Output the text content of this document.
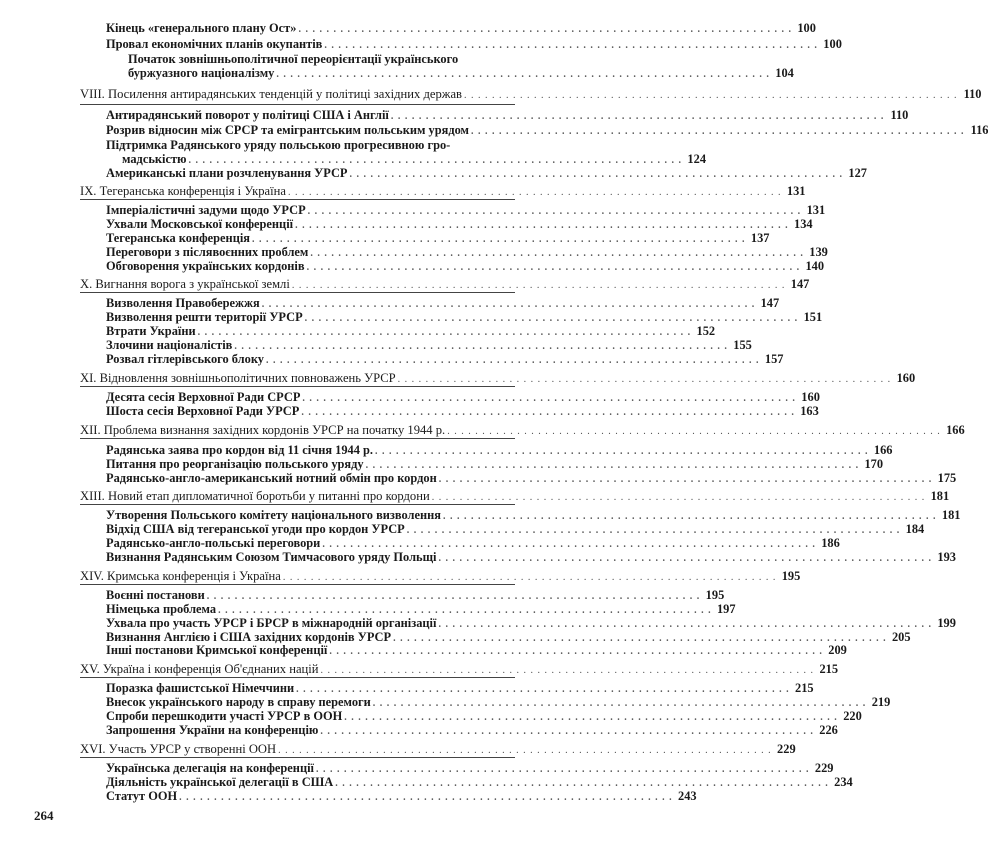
Кінець «генерального плану Ост» . . .	100
Провал економічних планів окупантів . . .	100
Початок зовнішньополітичної переорієнтації українського
буржуазного націоналізму . . .	104
VIII. Посилення антирадянських тенденцій у політиці західних держав . . .	110
Антирадянський поворот у політиці США і Англії . . .	110
Розрив відносин між СРСР та емігрантським польським урядом . . .	116
Підтримка Радянського уряду польською прогресивною гро-
мадськістю . . .	124
Американські плани розчленування УРСР . . .	127
IX. Тегеранська конференція і Україна . . .	131
Імперіалістичні задуми щодо УРСР . . .	131
Ухвали Московської конференції . . .	134
Тегеранська конференція . . .	137
Переговори з післявоєнних проблем . . .	139
Обговорення українських кордонів . . .	140
X. Вигнання ворога з української землі . . .	147
Визволення Правобережжя . . .	147
Визволення решти території УРСР . . .	151
Втрати України . . .	152
Злочини націоналістів . . .	155
Розвал гітлерівського блоку . . .	157
XI. Відновлення зовнішньополітичних повноважень УРСР . . .	160
Десята сесія Верховної Ради СРСР . . .	160
Шоста сесія Верховної Ради УРСР . . .	163
XII. Проблема визнання західних кордонів УРСР на початку 1944 р. . . .	166
Радянська заява про кордон від 11 січня 1944 р. . . .	166
Питання про реорганізацію польського уряду . . .	170
Радянсько-англо-американський нотний обмін про кордон . . .	175
XIII. Новий етап дипломатичної боротьби у питанні про кордони . . .	181
Утворення Польського комітету національного визволення . . .	181
Відхід США від тегеранської угоди про кордон УРСР . . .	184
Радянсько-англо-польські переговори . . .	186
Визнання Радянським Союзом Тимчасового уряду Польщі . . .	193
XIV. Кримська конференція і Україна . . .	195
Воєнні постанови . . .	195
Німецька проблема . . .	197
Ухвала про участь УРСР і БРСР в міжнародній організації . . .	199
Визнання Англією і США західних кордонів УРСР . . .	205
Інші постанови Кримської конференції . . .	209
XV. Україна і конференція Об'єднаних націй . . .	215
Поразка фашистської Німеччини . . .	215
Внесок українського народу в справу перемоги . . .	219
Спроби перешкодити участі УРСР в ООН . . .	220
Запрошення України на конференцію . . .	226
XVI. Участь УРСР у створенні ООН . . .	229
Українська делегація на конференції . . .	229
Діяльність української делегації в США . . .	234
Статут ООН . . .	243
264
